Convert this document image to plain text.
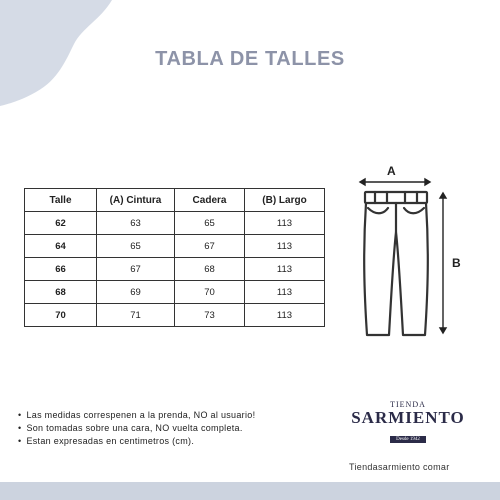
TABLA DE TALLES
Talle	(A) Cintura	Cadera	(B) Largo
62	63	65	113
64	65	67	113
66	67	68	113
68	69	70	113
70	71	73	113
A
B
• Las medidas correspenen a la prenda, NO al usuario!
• Son tomadas sobre una cara, NO vuelta completa.
• Estan expresadas en centimetros (cm).
TIENDA
SARMIENTO
Desde 1942
Tiendasarmiento comar
